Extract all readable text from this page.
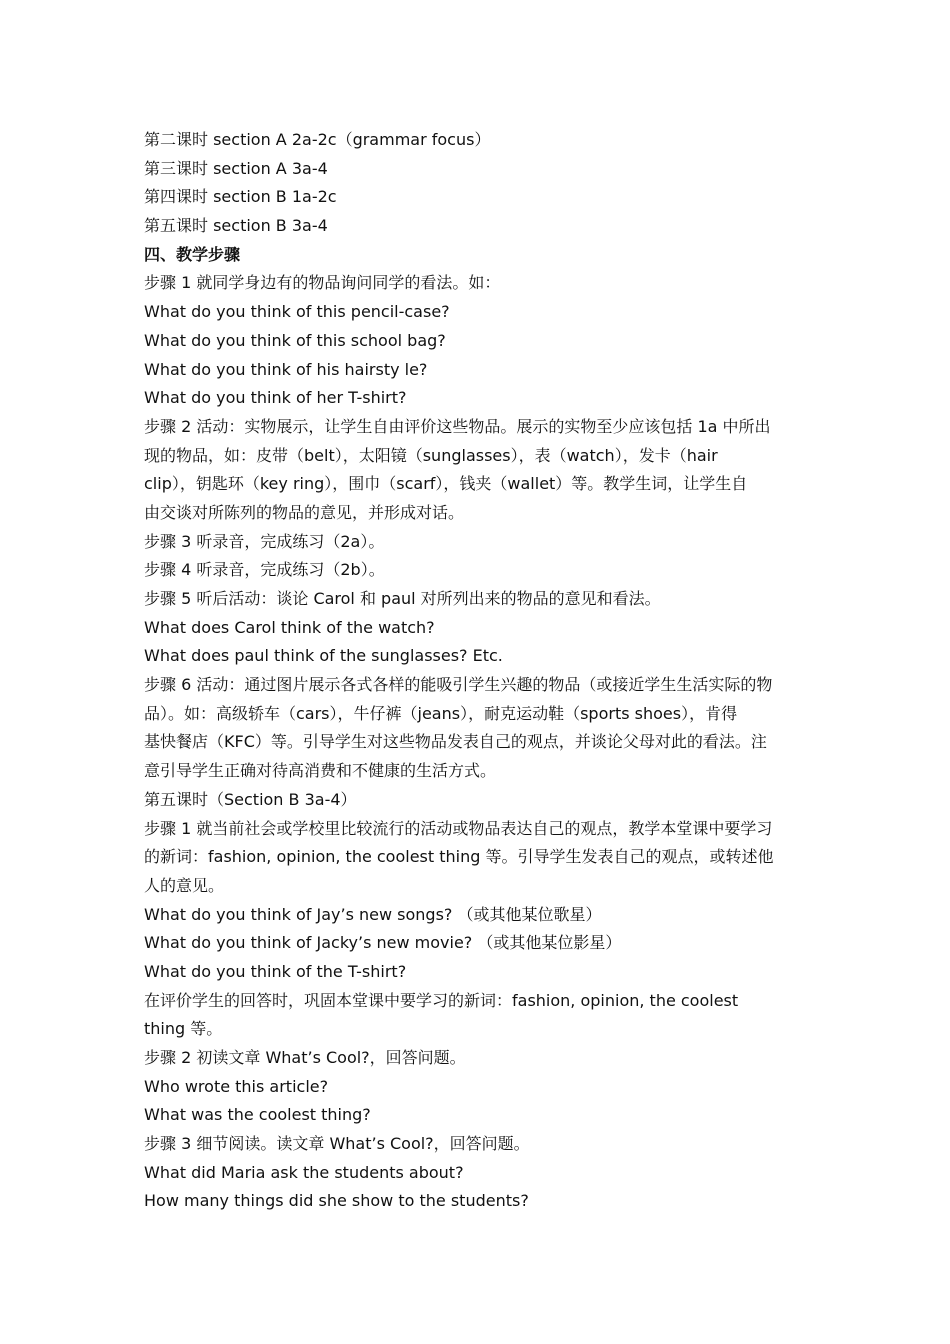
第二课时 section A 2a-2c（grammar focus）
第三课时 section A 3a-4
第四课时 section B 1a-2c
第五课时 section B 3a-4
四、教学步骤
步骤 1 就同学身边有的物品询问同学的看法。如：
What do you think of this pencil-case?
What do you think of this school bag?
What do you think of his hairsty le?
What do you think of her T-shirt?
步骤 2 活动：实物展示，让学生自由评价这些物品。展示的实物至少应该包括 1a 中所出
现的物品，如：皮带（belt），太阳镜（sunglasses），表（watch），发卡（hair
clip），钥匙环（key ring），围巾（scarf），钱夹（wallet）等。教学生词，让学生自
由交谈对所陈列的物品的意见，并形成对话。
步骤 3 听录音，完成练习（2a）。
步骤 4 听录音，完成练习（2b）。
步骤 5 听后活动：谈论 Carol 和 paul 对所列出来的物品的意见和看法。
What does Carol think of the watch?
What does paul think of the sunglasses? Etc.
步骤 6 活动：通过图片展示各式各样的能吸引学生兴趣的物品（或接近学生生活实际的物
品）。如：高级轿车（cars），牛仔裤（jeans），耐克运动鞋（sports shoes），肯得
基快餐店（KFC）等。引导学生对这些物品发表自己的观点，并谈论父母对此的看法。注
意引导学生正确对待高消费和不健康的生活方式。
第五课时（Section B 3a-4）
步骤 1 就当前社会或学校里比较流行的活动或物品表达自己的观点，教学本堂课中要学习
的新词：fashion, opinion, the coolest thing 等。引导学生发表自己的观点，或转述他
人的意见。
What do you think of Jay’s new songs? （或其他某位歌星）
What do you think of Jacky’s new movie? （或其他某位影星）
What do you think of the T-shirt?
在评价学生的回答时，巩固本堂课中要学习的新词：fashion, opinion, the coolest
thing 等。
步骤 2 初读文章 What’s Cool?，回答问题。
Who wrote this article?
What was the coolest thing?
步骤 3 细节阅读。读文章 What’s Cool?，回答问题。
What did Maria ask the students about?
How many things did she show to the students?
